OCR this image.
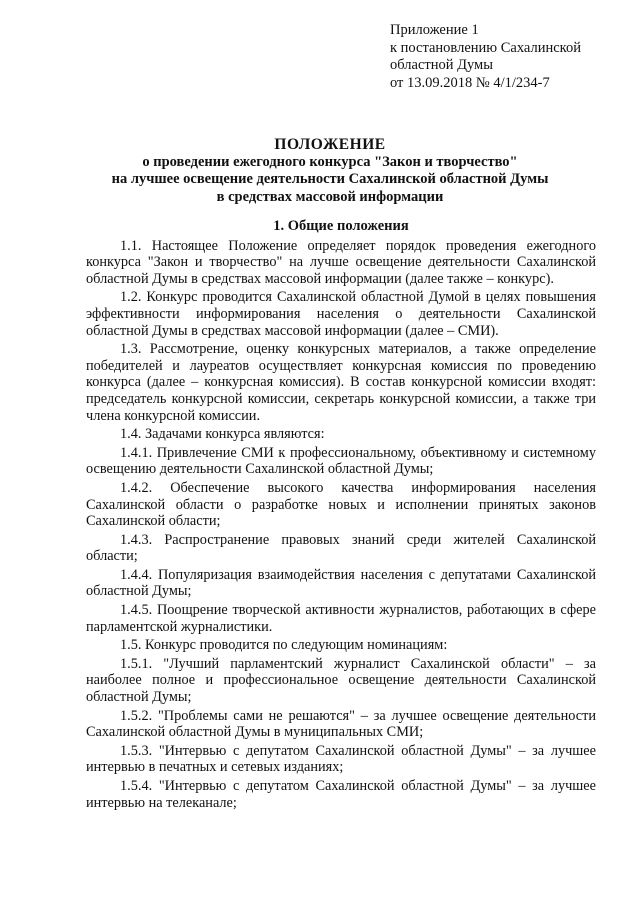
Приложение 1
к постановлению Сахалинской
областной Думы
от 13.09.2018 № 4/1/234-7
ПОЛОЖЕНИЕ
о проведении ежегодного конкурса "Закон и творчество"
на лучшее освещение деятельности Сахалинской областной Думы
в средствах массовой информации
1. Общие положения

1.1. Настоящее Положение определяет порядок проведения ежегодного конкурса "Закон и творчество" на лучше освещение деятельности Сахалинской областной Думы в средствах массовой информации (далее также – конкурс).

1.2. Конкурс проводится Сахалинской областной Думой в целях повышения эффективности информирования населения о деятельности Сахалинской областной Думы в средствах массовой информации (далее – СМИ).

1.3. Рассмотрение, оценку конкурсных материалов, а также определение победителей и лауреатов осуществляет конкурсная комиссия по проведению конкурса (далее – конкурсная комиссия). В состав конкурсной комиссии входят: председатель конкурсной комиссии, секретарь конкурсной комиссии, а также три члена конкурсной комиссии.

1.4. Задачами конкурса являются:

1.4.1. Привлечение СМИ к профессиональному, объективному и системному освещению деятельности Сахалинской областной Думы;

1.4.2. Обеспечение высокого качества информирования населения Сахалинской области о разработке новых и исполнении принятых законов Сахалинской области;

1.4.3. Распространение правовых знаний среди жителей Сахалинской области;

1.4.4. Популяризация взаимодействия населения с депутатами Сахалинской областной Думы;

1.4.5. Поощрение творческой активности журналистов, работающих в сфере парламентской журналистики.

1.5. Конкурс проводится по следующим номинациям:

1.5.1. "Лучший парламентский журналист Сахалинской области" – за наиболее полное и профессиональное освещение деятельности Сахалинской областной Думы;

1.5.2. "Проблемы сами не решаются" – за лучшее освещение деятельности Сахалинской областной Думы в муниципальных СМИ;

1.5.3. "Интервью с депутатом Сахалинской областной Думы" – за лучшее интервью в печатных и сетевых изданиях;

1.5.4. "Интервью с депутатом Сахалинской областной Думы" – за лучшее интервью на телеканале;
